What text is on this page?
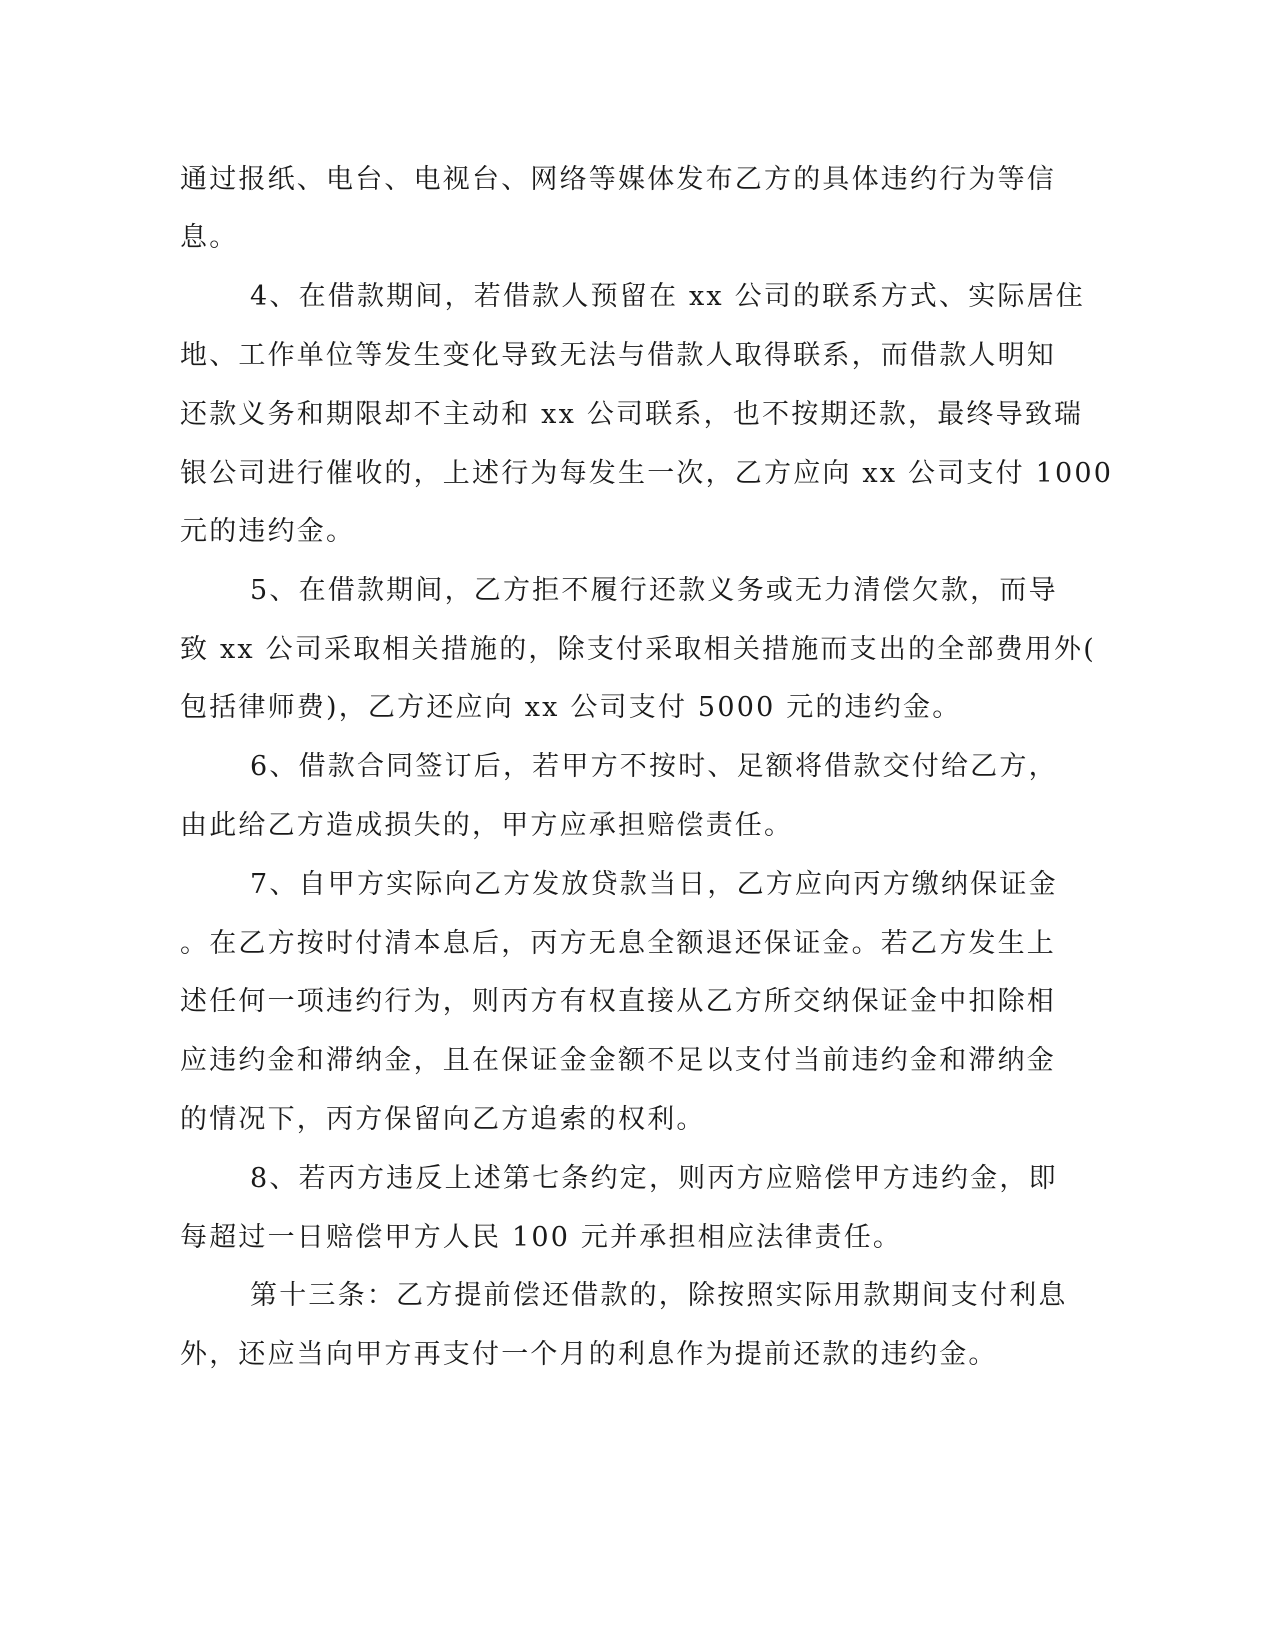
通过报纸、电台、电视台、网络等媒体发布乙方的具体违约行为等信
息。
4、在借款期间，若借款人预留在 xx 公司的联系方式、实际居住
地、工作单位等发生变化导致无法与借款人取得联系，而借款人明知
还款义务和期限却不主动和 xx 公司联系，也不按期还款，最终导致瑞
银公司进行催收的，上述行为每发生一次，乙方应向 xx 公司支付 1000
元的违约金。
5、在借款期间，乙方拒不履行还款义务或无力清偿欠款，而导
致 xx 公司采取相关措施的，除支付采取相关措施而支出的全部费用外(
包括律师费)，乙方还应向 xx 公司支付 5000 元的违约金。
6、借款合同签订后，若甲方不按时、足额将借款交付给乙方，
由此给乙方造成损失的，甲方应承担赔偿责任。
7、自甲方实际向乙方发放贷款当日，乙方应向丙方缴纳保证金
。在乙方按时付清本息后，丙方无息全额退还保证金。若乙方发生上
述任何一项违约行为，则丙方有权直接从乙方所交纳保证金中扣除相
应违约金和滞纳金，且在保证金金额不足以支付当前违约金和滞纳金
的情况下，丙方保留向乙方追索的权利。
8、若丙方违反上述第七条约定，则丙方应赔偿甲方违约金，即
每超过一日赔偿甲方人民 100 元并承担相应法律责任。
第十三条：乙方提前偿还借款的，除按照实际用款期间支付利息
外，还应当向甲方再支付一个月的利息作为提前还款的违约金。
